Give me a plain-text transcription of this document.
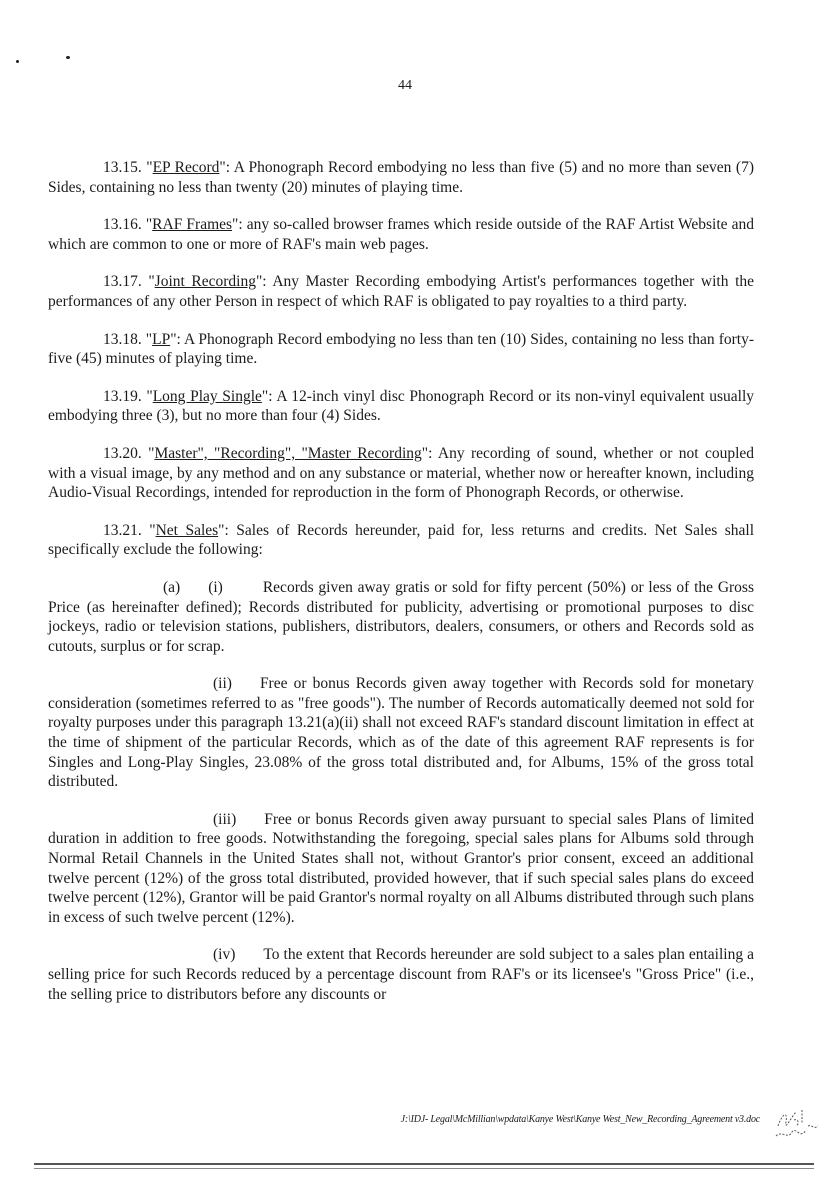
44

13.15. "EP Record": A Phonograph Record embodying no less than five (5) and no more than seven (7) Sides, containing no less than twenty (20) minutes of playing time.

13.16. "RAF Frames": any so-called browser frames which reside outside of the RAF Artist Website and which are common to one or more of RAF's main web pages.

13.17. "Joint Recording": Any Master Recording embodying Artist's performances together with the performances of any other Person in respect of which RAF is obligated to pay royalties to a third party.

13.18. "LP": A Phonograph Record embodying no less than ten (10) Sides, containing no less than forty-five (45) minutes of playing time.

13.19. "Long Play Single": A 12-inch vinyl disc Phonograph Record or its non-vinyl equivalent usually embodying three (3), but no more than four (4) Sides.

13.20. "Master", "Recording", "Master Recording": Any recording of sound, whether or not coupled with a visual image, by any method and on any substance or material, whether now or hereafter known, including Audio-Visual Recordings, intended for reproduction in the form of Phonograph Records, or otherwise.

13.21. "Net Sales": Sales of Records hereunder, paid for, less returns and credits. Net Sales shall specifically exclude the following:

(a) (i)	Records given away gratis or sold for fifty percent (50%) or less of the Gross Price (as hereinafter defined); Records distributed for publicity, advertising or promotional purposes to disc jockeys, radio or television stations, publishers, distributors, dealers, consumers, or others and Records sold as cutouts, surplus or for scrap.

(ii) Free or bonus Records given away together with Records sold for monetary consideration (sometimes referred to as "free goods"). The number of Records automatically deemed not sold for royalty purposes under this paragraph 13.21(a)(ii) shall not exceed RAF's standard discount limitation in effect at the time of shipment of the particular Records, which as of the date of this agreement RAF represents is for Singles and Long-Play Singles, 23.08% of the gross total distributed and, for Albums, 15% of the gross total distributed.

(iii) Free or bonus Records given away pursuant to special sales Plans of limited duration in addition to free goods. Notwithstanding the foregoing, special sales plans for Albums sold through Normal Retail Channels in the United States shall not, without Grantor's prior consent, exceed an additional twelve percent (12%) of the gross total distributed, provided however, that if such special sales plans do exceed twelve percent (12%), Grantor will be paid Grantor's normal royalty on all Albums distributed through such plans in excess of such twelve percent (12%).

(iv) To the extent that Records hereunder are sold subject to a sales plan entailing a selling price for such Records reduced by a percentage discount from RAF's or its licensee's "Gross Price" (i.e., the selling price to distributors before any discounts or

J:\IDJ- Legal\McMillian\wpdata\Kanye West\Kanye West_New_Recording_Agreement v3.doc
